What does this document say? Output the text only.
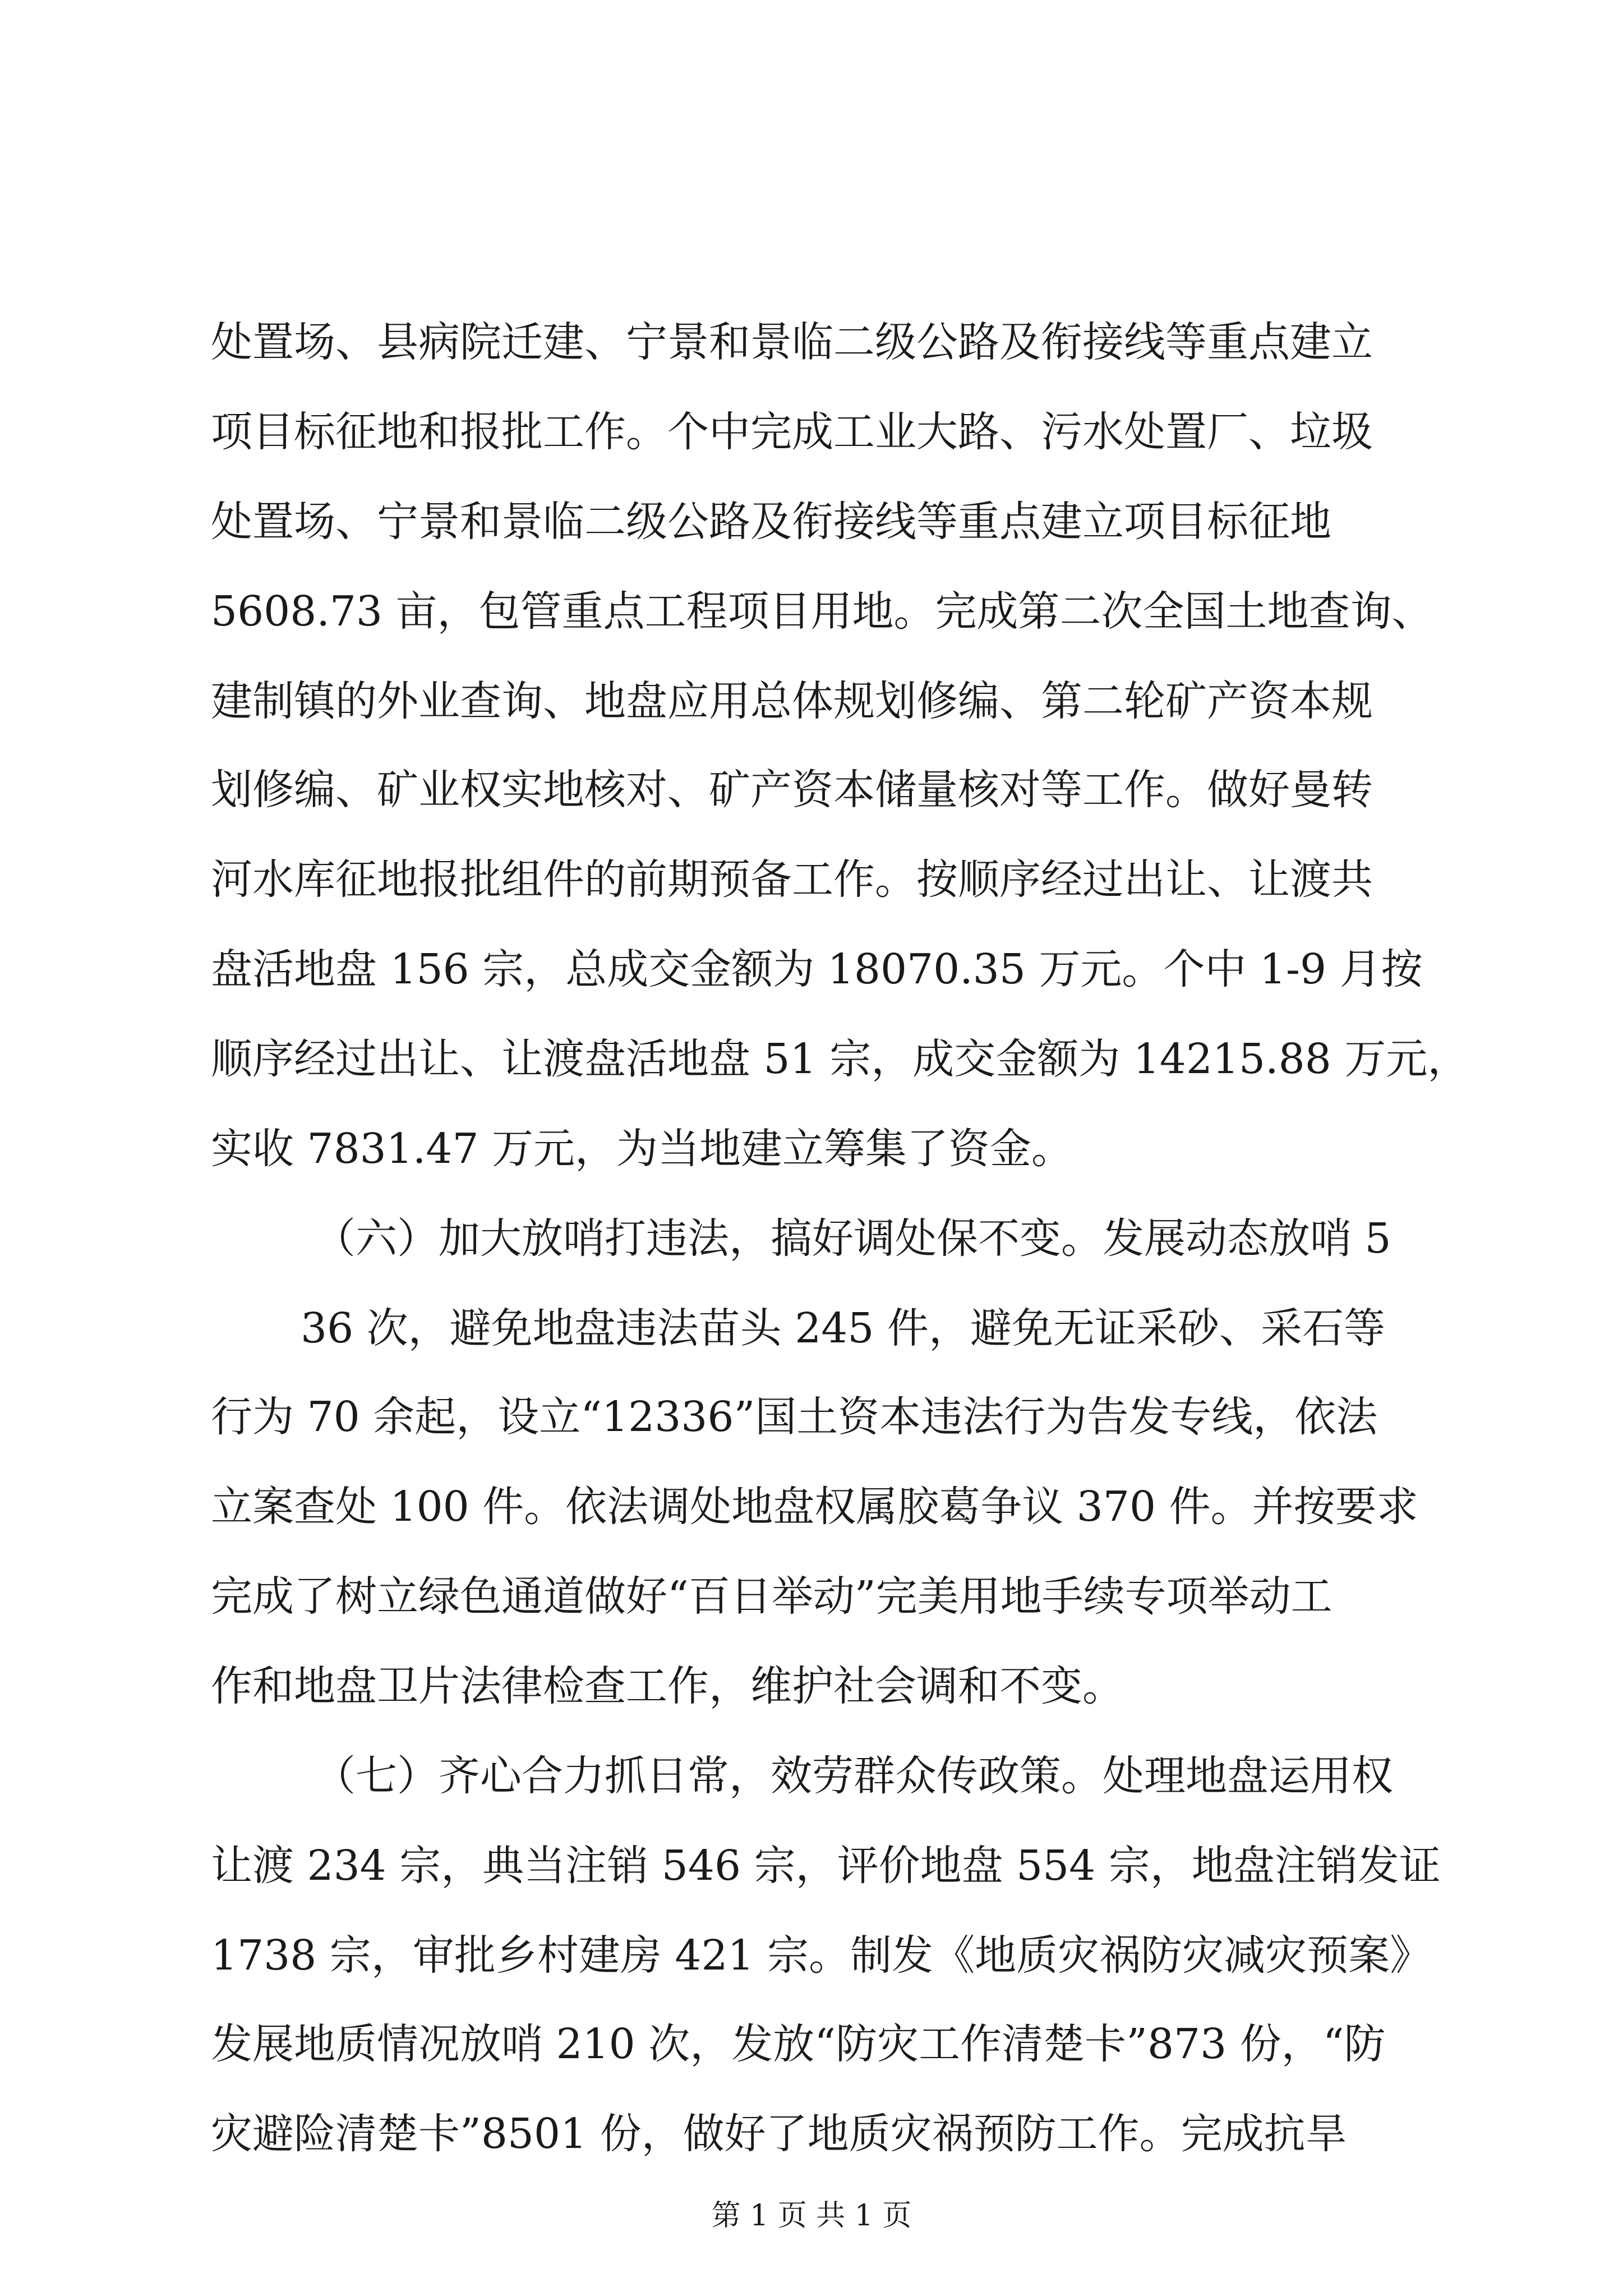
处置场、县病院迁建、宁景和景临二级公路及衔接线等重点建立
项目标征地和报批工作。个中完成工业大路、污水处置厂、垃圾
处置场、宁景和景临二级公路及衔接线等重点建立项目标征地
5608.73 亩，包管重点工程项目用地。完成第二次全国土地查询、
建制镇的外业查询、地盘应用总体规划修编、第二轮矿产资本规
划修编、矿业权实地核对、矿产资本储量核对等工作。做好曼转
河水库征地报批组件的前期预备工作。按顺序经过出让、让渡共
盘活地盘 156 宗，总成交金额为 18070.35 万元。个中 1-9 月按
顺序经过出让、让渡盘活地盘 51 宗，成交金额为 14215.88 万元，
实收 7831.47 万元，为当地建立筹集了资金。
（六）加大放哨打违法，搞好调处保不变。发展动态放哨 5
36 次，避免地盘违法苗头 245 件，避免无证采砂、采石等
行为 70 余起，设立“12336”国土资本违法行为告发专线，依法
立案查处 100 件。依法调处地盘权属胶葛争议 370 件。并按要求
完成了树立绿色通道做好“百日举动”完美用地手续专项举动工
作和地盘卫片法律检查工作，维护社会调和不变。
（七）齐心合力抓日常，效劳群众传政策。处理地盘运用权
让渡 234 宗，典当注销 546 宗，评价地盘 554 宗，地盘注销发证
1738 宗，审批乡村建房 421 宗。制发《地质灾祸防灾减灾预案》
发展地质情况放哨 210 次，发放“防灾工作清楚卡”873 份，“防
灾避险清楚卡”8501 份，做好了地质灾祸预防工作。完成抗旱
第 1 页 共 1 页
